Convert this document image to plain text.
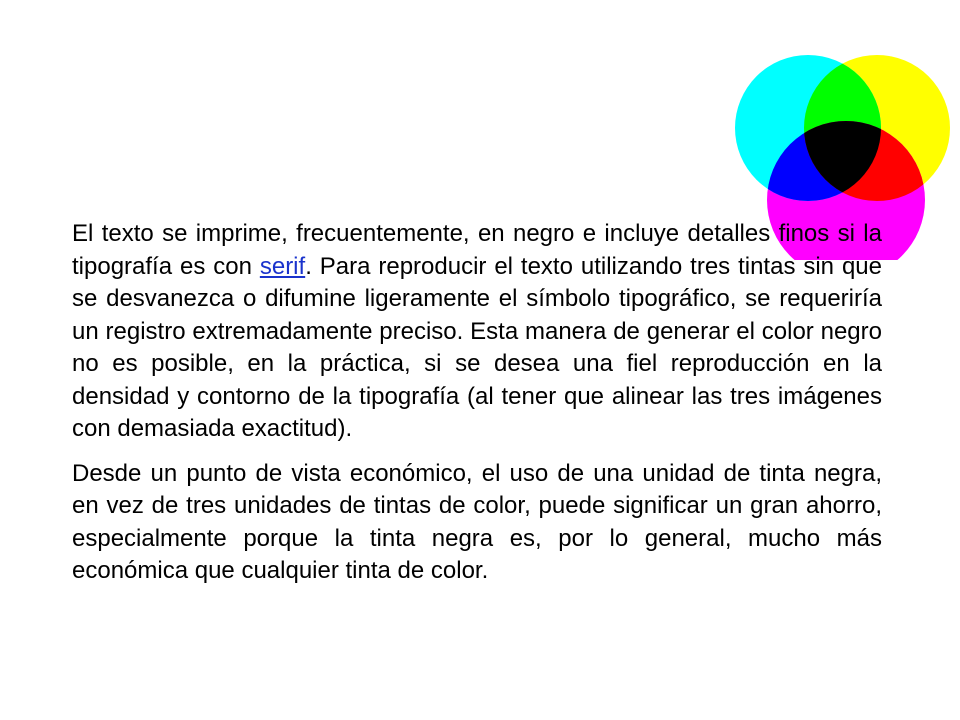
El texto se imprime, frecuentemente, en negro e incluye detalles finos si la tipografía es con serif. Para reproducir el texto utilizando tres tintas sin que se desvanezca o difumine ligeramente el símbolo tipográfico, se requeriría un registro extremadamente preciso. Esta manera de generar el color negro no es posible, en la práctica, si se desea una fiel reproducción en la densidad y contorno de la tipografía (al tener que alinear las tres imágenes con demasiada exactitud).

Desde un punto de vista económico, el uso de una unidad de tinta negra, en vez de tres unidades de tintas de color, puede significar un gran ahorro, especialmente porque la tinta negra es, por lo general, mucho más económica que cualquier tinta de color.
